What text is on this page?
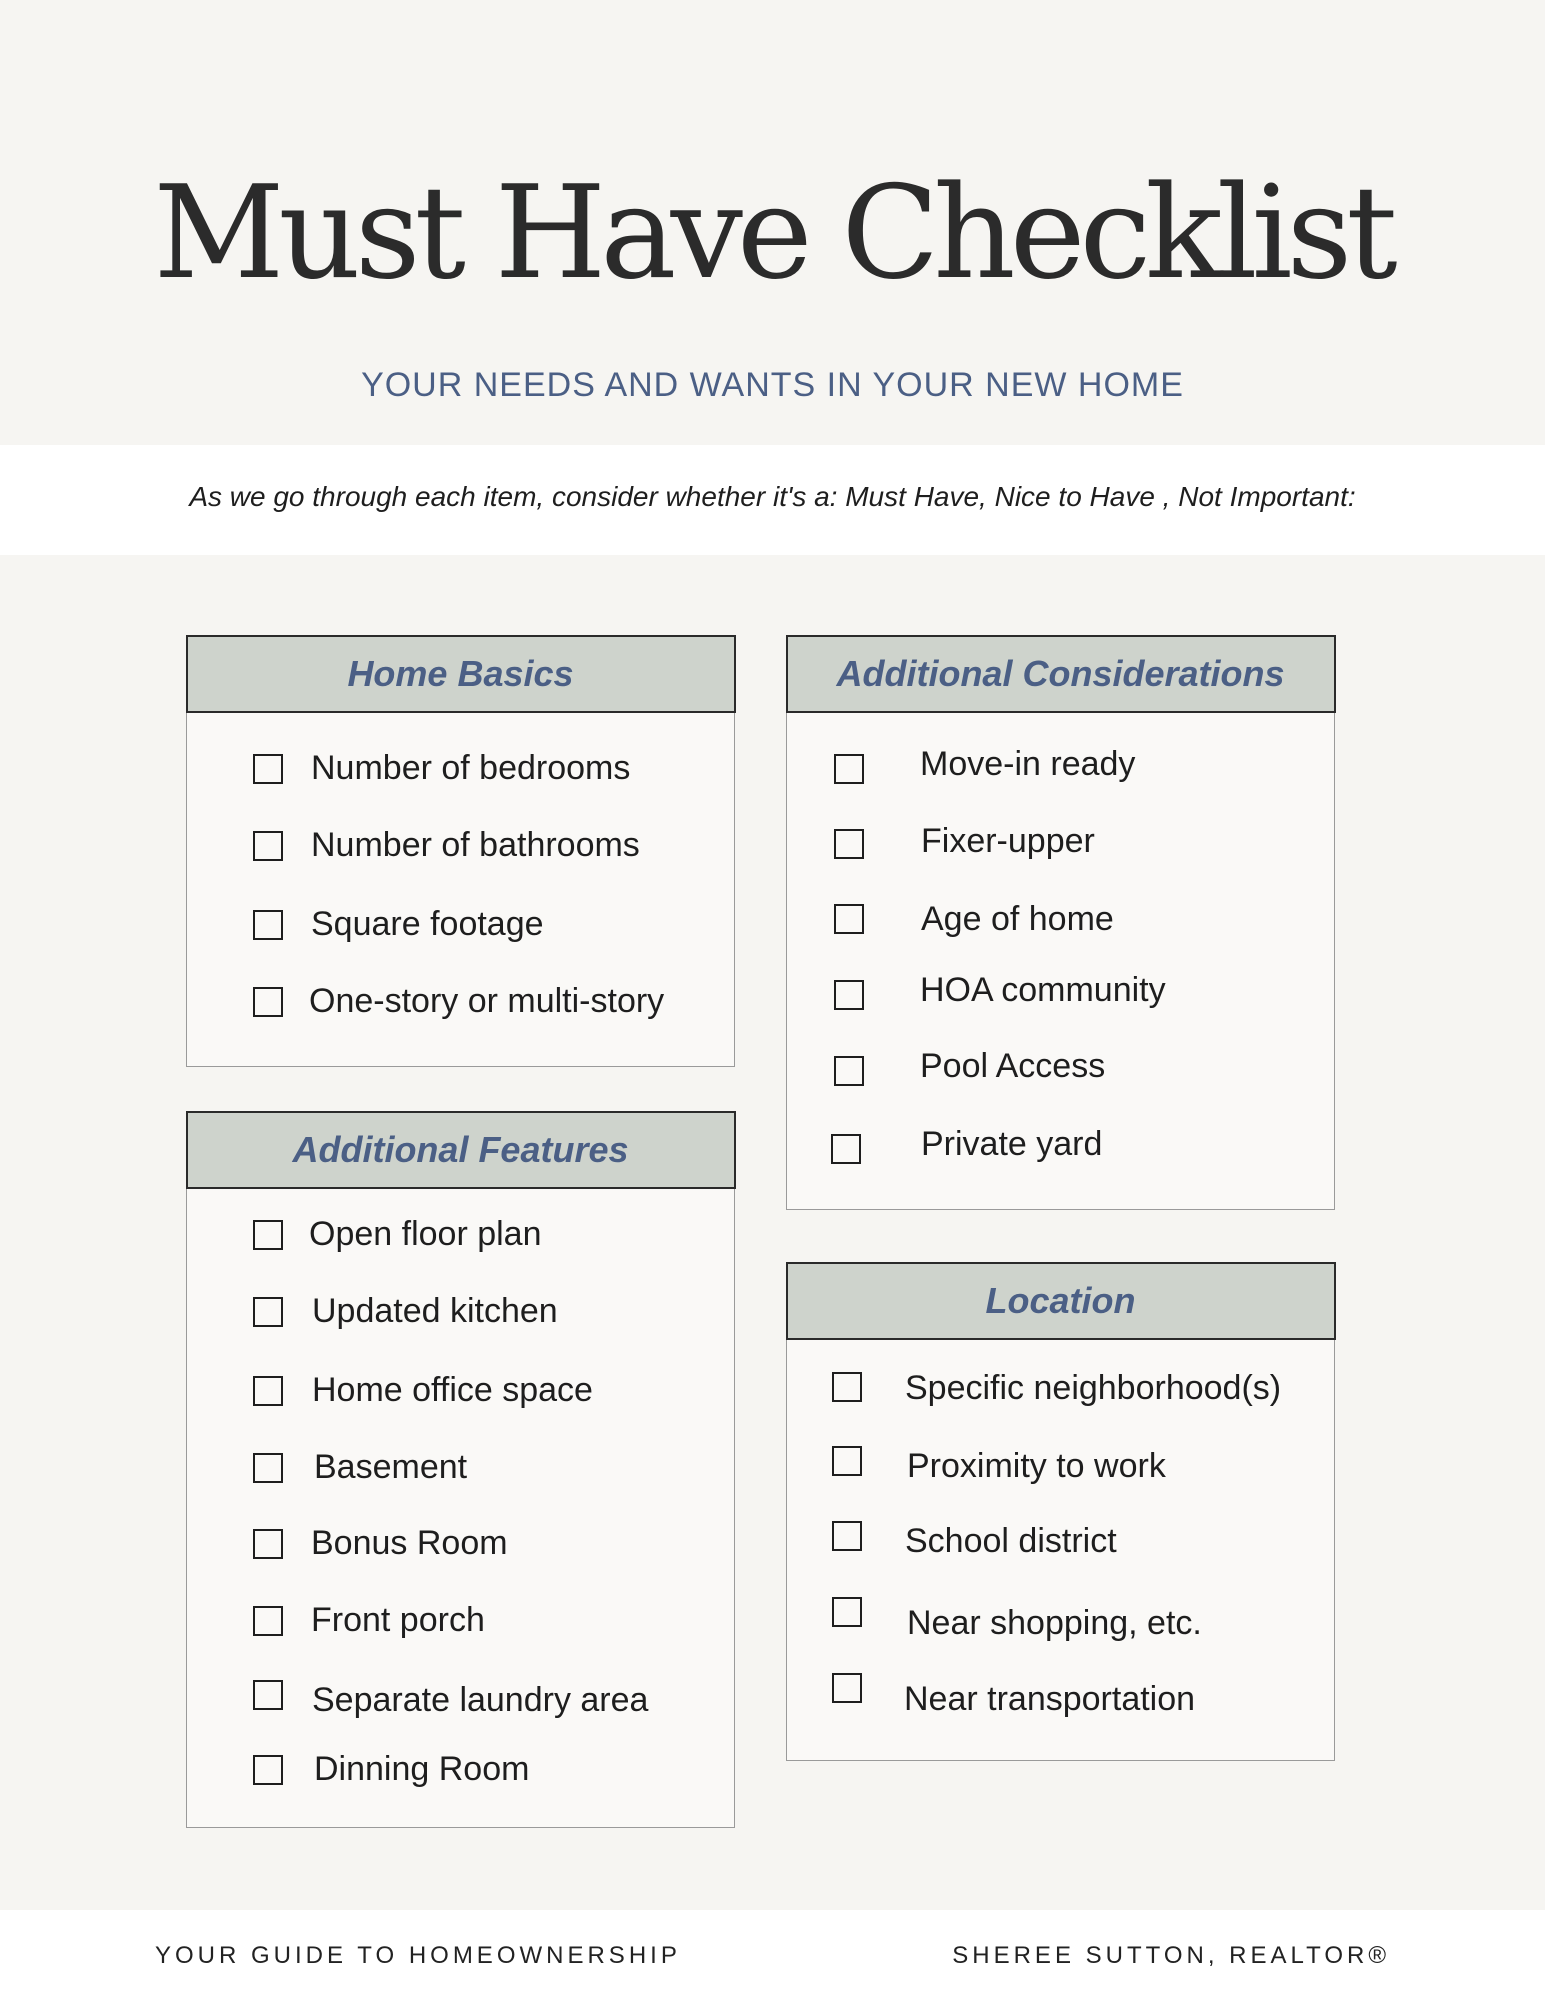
Must Have Checklist
YOUR NEEDS AND WANTS IN YOUR NEW HOME
As we go through each item, consider whether it's a: Must Have, Nice to Have , Not Important:
Home Basics
Number of bedrooms
Number of bathrooms
Square footage
One-story or multi-story
Additional Features
Open floor plan
Updated kitchen
Home office space
Basement
Bonus Room
Front porch
Separate laundry area
Dinning Room
Additional Considerations
Move-in ready
Fixer-upper
Age of home
HOA community
Pool Access
Private yard
Location
Specific neighborhood(s)
Proximity to work
School district
Near shopping, etc.
Near transportation
YOUR GUIDE TO HOMEOWNERSHIP	SHEREE SUTTON, REALTOR®
